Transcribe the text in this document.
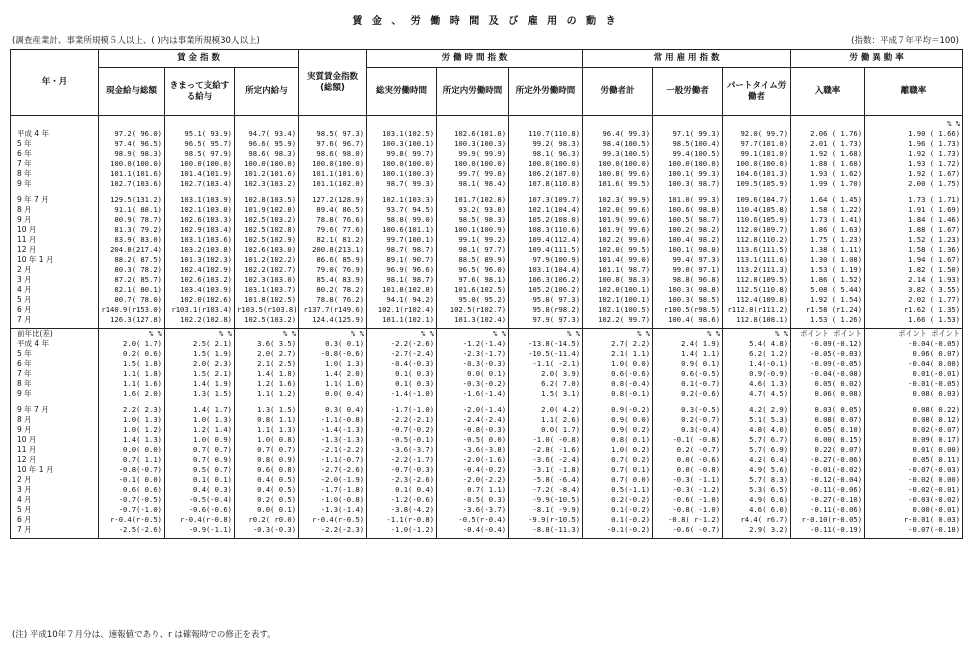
賃 金 、 労 働 時 間 及 び 雇 用 の 動 き
(調査産業計、事業所規模５人以上、( )内は事業所規模30人以上)	(指数：平成７年平均＝100)
年・月	賃 金 指 数			実質賃金指数(総額)	労 働 時 間 指 数			常 用 雇 用 指 数			労 働 異 動 率	
	現金給与総額	きまって支給する給与	所定内給与		総実労働時間	所定内労働時間	所定外労働時間	労働者計	一般労働者	パートタイム労働者	入職率	離職率

												% %
平成 4 年	97.2( 96.0)	95.1( 93.9)	94.7( 93.4)	98.5( 97.3)	103.1(102.5)	102.6(101.8)	110.7(110.8)	96.4( 99.3)	97.1( 99.3)	92.0( 99.7)	2.06 ( 1.76)	1.90 ( 1.66)
5 年	97.4( 96.5)	96.5( 95.7)	96.6( 95.9)	97.6( 96.7)	100.3(100.1)	100.3(100.3)	99.2( 98.3)	98.4(100.5)	98.5(100.4)	97.7(101.0)	2.01 ( 1.73)	1.96 ( 1.73)
6 年	98.9( 98.3)	98.5( 97.9)	98.6( 98.3)	98.6( 98.0)	99.8( 99.7)	99.9( 99.9)	98.1( 96.3)	99.3(100.5)	99.4(100.5)	99.1(101.0)	1.92 ( 1.68)	1.92 ( 1.73)
7 年	100.0(100.0)	100.0(100.0)	100.0(100.0)	100.0(100.0)	100.0(100.0)	100.0(100.0)	100.0(100.0)	100.0(100.0)	100.0(100.0)	100.0(100.0)	1.88 ( 1.60)	1.93 ( 1.72)
8 年	101.1(101.6)	101.4(101.9)	101.2(101.6)	101.1(101.6)	100.1(100.3)	99.7( 99.8)	106.2(107.0)	100.8( 99.6)	100.1( 99.3)	104.6(101.3)	1.93 ( 1.62)	1.92 ( 1.67)
9 年	102.7(103.6)	102.7(103.4)	102.3(103.2)	101.1(102.0)	98.7( 99.3)	98.1( 98.4)	107.8(110.8)	101.6( 99.5)	100.3( 98.7)	109.5(105.9)	1.99 ( 1.70)	2.00 ( 1.75)

9 年 7 月	129.5(131.2)	103.1(103.9)	102.8(103.5)	127.2(128.9)	102.1(103.3)	101.7(102.8)	107.3(109.7)	102.3( 99.9)	101.0( 99.3)	109.6(104.7)	1.64 ( 1.45)	1.73 ( 1.71)
8 月	91.1( 88.1)	102.1(103.0)	101.9(102.8)	89.4( 86.5)	93.7( 94.5)	93.2( 93.8)	102.1(104.4)	102.0( 99.6)	100.6( 98.8)	110.4(105.8)	1.58 ( 1.22)	1.91 ( 1.69)
9 月	80.9( 78.7)	102.6(103.3)	102.5(103.2)	78.8( 76.6)	98.8( 99.0)	98.5( 98.3)	105.2(108.0)	101.9( 99.6)	100.5( 98.7)	110.6(105.9)	1.73 ( 1.41)	1.84 ( 1.46)
10 月	81.3( 79.2)	102.9(103.4)	102.5(102.8)	79.6( 77.6)	100.6(101.1)	100.1(100.9)	108.3(110.6)	101.9( 99.6)	100.2( 98.2)	112.0(109.7)	1.86 ( 1.63)	1.88 ( 1.67)
11 月	83.9( 83.0)	103.1(103.6)	102.5(102.9)	82.1( 81.2)	99.7(100.1)	99.1( 99.2)	109.4(112.4)	102.2( 99.6)	100.4( 98.2)	112.8(110.2)	1.75 ( 1.23)	1.52 ( 1.23)
12 月	204.8(217.4)	103.2(103.8)	102.6(103.0)	200.8(213.1)	98.7( 98.7)	98.1( 97.7)	109.4(111.5)	102.0( 99.5)	100.1( 98.0)	113.6(111.5)	1.38 ( 1.11)	1.58 ( 1.36)
10 年 1 月	88.2( 87.5)	101.3(102.3)	101.2(102.2)	86.6( 85.9)	89.1( 90.7)	88.5( 89.9)	97.9(100.9)	101.4( 99.0)	99.4( 97.3)	113.1(111.6)	1.30 ( 1.08)	1.94 ( 1.67)
2 月	80.3( 78.2)	102.4(102.9)	102.2(102.7)	79.0( 76.9)	96.9( 96.6)	96.5( 96.0)	103.1(104.4)	101.1( 98.7)	99.0( 97.1)	113.2(111.3)	1.53 ( 1.19)	1.82 ( 1.50)
3 月	87.2( 85.7)	102.6(103.2)	102.3(103.0)	85.4( 83.9)	98.1( 98.7)	97.6( 98.1)	106.3(106.2)	100.8( 98.3)	98.8( 96.8)	112.8(109.5)	1.86 ( 1.52)	2.14 ( 1.93)
4 月	82.1( 80.1)	103.4(103.9)	103.1(103.7)	80.2( 78.2)	101.8(102.8)	101.6(102.5)	105.2(106.2)	102.0(100.1)	100.3( 98.8)	112.5(110.8)	5.08 ( 5.44)	3.82 ( 3.55)
5 月	80.7( 78.0)	102.0(102.6)	101.8(102.5)	78.8( 76.2)	94.1( 94.2)	95.0( 95.2)	95.8( 97.3)	102.1(100.1)	100.3( 98.5)	112.4(109.8)	1.92 ( 1.54)	2.02 ( 1.77)
6 月	r140.9(r153.0)	r103.1(r103.4)	r103.5(r103.8)	r137.7(r149.6)	102.1(r102.4)	102.5(r102.7)	95.8(r98.2)	102.1(100.5)	r100.5(r98.5)	r112.8(r111.2)	r1.58 (r1.24)	r1.62 ( 1.35)
7 月	126.3(127.8)	102.2(102.8)	102.5(103.2)	124.4(125.9)	101.1(102.1)	101.3(102.4)	97.9( 97.3)	102.2( 99.7)	100.4( 98.6)	112.8(108.1)	1.53 ( 1.26)	1.66 ( 1.53)

前年比(差)	% %	% %	% %	% %	% %	% %	% %	% %	% %	% %	ポイント ポイント	ポイント ポイント
平成 4 年	2.0( 1.7)	2.5( 2.1)	3.6( 3.5)	0.3( 0.1)	-2.2(-2.6)	-1.2(-1.4)	-13.8(-14.5)	2.7( 2.2)	2.4( 1.9)	5.4( 4.8)	-0.09(-0.12)	-0.04(-0.05)
5 年	0.2( 0.6)	1.5( 1.9)	2.0( 2.7)	-0.8(-0.6)	-2.7(-2.4)	-2.3(-1.7)	-10.5(-11.4)	2.1( 1.1)	1.4( 1.1)	6.2( 1.2)	-0.05(-0.03)	0.06( 0.07)
6 年	1.5( 1.8)	2.0( 2.3)	2.1( 2.5)	1.0( 1.3)	-0.4(-0.3)	-0.3(-0.3)	-1.1( -2.1)	1.0( 0.0)	0.9( 0.1)	1.4(-0.1)	-0.09(-0.05)	-0.04( 0.00)
7 年	1.1( 1.8)	1.5( 2.1)	1.4( 1.8)	1.4( 2.0)	0.1( 0.3)	0.0( 0.1)	2.0( 3.9)	0.6(-0.6)	0.6(-0.5)	0.9(-0.9)	-0.04(-0.08)	0.01(-0.01)
8 年	1.1( 1.6)	1.4( 1.9)	1.2( 1.6)	1.1( 1.6)	0.1( 0.3)	-0.3(-0.2)	6.2( 7.0)	0.8(-0.4)	0.1(-0.7)	4.6( 1.3)	0.05( 0.02)	-0.01(-0.05)
9 年	1.6( 2.0)	1.3( 1.5)	1.1( 1.2)	0.0( 0.4)	-1.4(-1.0)	-1.6(-1.4)	1.5( 3.1)	0.8(-0.1)	0.2(-0.6)	4.7( 4.5)	0.06( 0.08)	0.08( 0.03)

9 年 7 月	2.2( 2.3)	1.4( 1.7)	1.3( 1.5)	0.3( 0.4)	-1.7(-1.0)	-2.0(-1.4)	2.0( 4.2)	0.9(-0.2)	0.3(-0.5)	4.2( 2.9)	0.03( 0.05)	0.08( 0.22)
8 月	1.0( 1.3)	1.0( 1.3)	0.8( 1.1)	-1.1(-0.8)	-2.2(-2.1)	-2.4(-2.4)	1.1( 2.6)	0.9( 0.0)	0.2(-0.7)	5.1( 5.3)	0.08( 0.07)	0.08( 0.12)
9 月	1.0( 1.2)	1.2( 1.4)	1.1( 1.3)	-1.4(-1.3)	-0.7(-0.2)	-0.8(-0.3)	0.0( 1.7)	0.9( 0.2)	0.3(-0.4)	4.8( 4.0)	0.05( 0.10)	0.02(-0.07)
10 月	1.4( 1.3)	1.0( 0.9)	1.0( 0.8)	-1.3(-1.3)	-0.5(-0.1)	-0.5( 0.0)	-1.0( -0.8)	0.8( 0.1)	-0.1( -0.8)	5.7( 6.7)	0.00( 0.15)	0.09( 0.17)
11 月	0.0( 0.0)	0.7( 0.7)	0.7( 0.7)	-2.1(-2.2)	-3.6(-3.7)	-3.6(-3.8)	-2.8( -1.6)	1.0( 0.2)	0.2( -0.7)	5.7( 6.9)	0.22( 0.07)	0.01( 0.00)
12 月	0.7( 1.1)	0.7( 0.9)	0.8( 0.9)	-1.1(-0.7)	-2.2(-1.7)	-2.0(-1.6)	-3.6( -2.4)	0.7( 0.2)	0.0( -0.6)	4.2( 6.4)	-0.27(-0.06)	0.05( 0.11)
10 年 1 月	-0.8(-0.7)	0.5( 0.7)	0.6( 0.8)	-2.7(-2.6)	-0.7(-0.3)	-0.4(-0.2)	-3.1( -1.8)	0.7( 0.1)	0.0( -0.8)	4.9( 5.6)	-0.01(-0.02)	-0.07(-0.03)
2 月	-0.1( 0.0)	0.1( 0.1)	0.4( 0.5)	-2.0(-1.9)	-2.3(-2.6)	-2.0(-2.2)	-5.8( -6.4)	0.7( 0.0)	-0.3( -1.1)	5.7( 8.3)	-0.12(-0.04)	-0.02( 0.00)
3 月	0.6( 0.6)	0.4( 0.3)	0.4( 0.5)	-1.7(-1.8)	0.1( 0.4)	0.7( 1.1)	-7.2( -8.4)	0.5(-1.1)	-0.3( -1.2)	5.3( 6.5)	-0.11(-0.06)	-0.02(-0.01)
4 月	-0.7(-0.5)	-0.5(-0.4)	0.2( 0.5)	-1.0(-0.8)	-1.2(-0.6)	-0.5( 0.3)	-9.9(-10.5)	0.2(-0.2)	-0.6( -1.0)	4.9( 6.6)	-0.27(-0.10)	-0.03(-0.02)
5 月	-0.7(-1.0)	-0.6(-0.6)	0.0( 0.1)	-1.3(-1.4)	-3.8(-4.2)	-3.6(-3.7)	-8.1( -9.9)	0.1(-0.2)	-0.8( -1.0)	4.6( 6.0)	-0.11(-0.06)	0.00(-0.01)
6 月	r-0.4(r-0.5)	r-0.4(r-0.8)	r0.2( r0.0)	r-0.4(r-0.5)	-1.1(r-0.8)	-0.5(r-0.4)	-9.9(r-10.5)	0.1(-0.2)	-0.8( r-1.2)	r4.4( r6.7)	r-0.10(r-0.05)	r-0.01( 0.03)
7 月	-2.5(-2.6)	-0.9(-1.1)	-0.3(-0.3)	-2.2(-2.3)	-1.0(-1.2)	-0.4(-0.4)	-8.8(-11.3)	-0.1(-0.2)	-0.6( -0.7)	2.9( 3.2)	-0.11(-0.19)	-0.07(-0.18)

(注) 平成10年７月分は、速報値であり、r は確報時での修正を表す。
